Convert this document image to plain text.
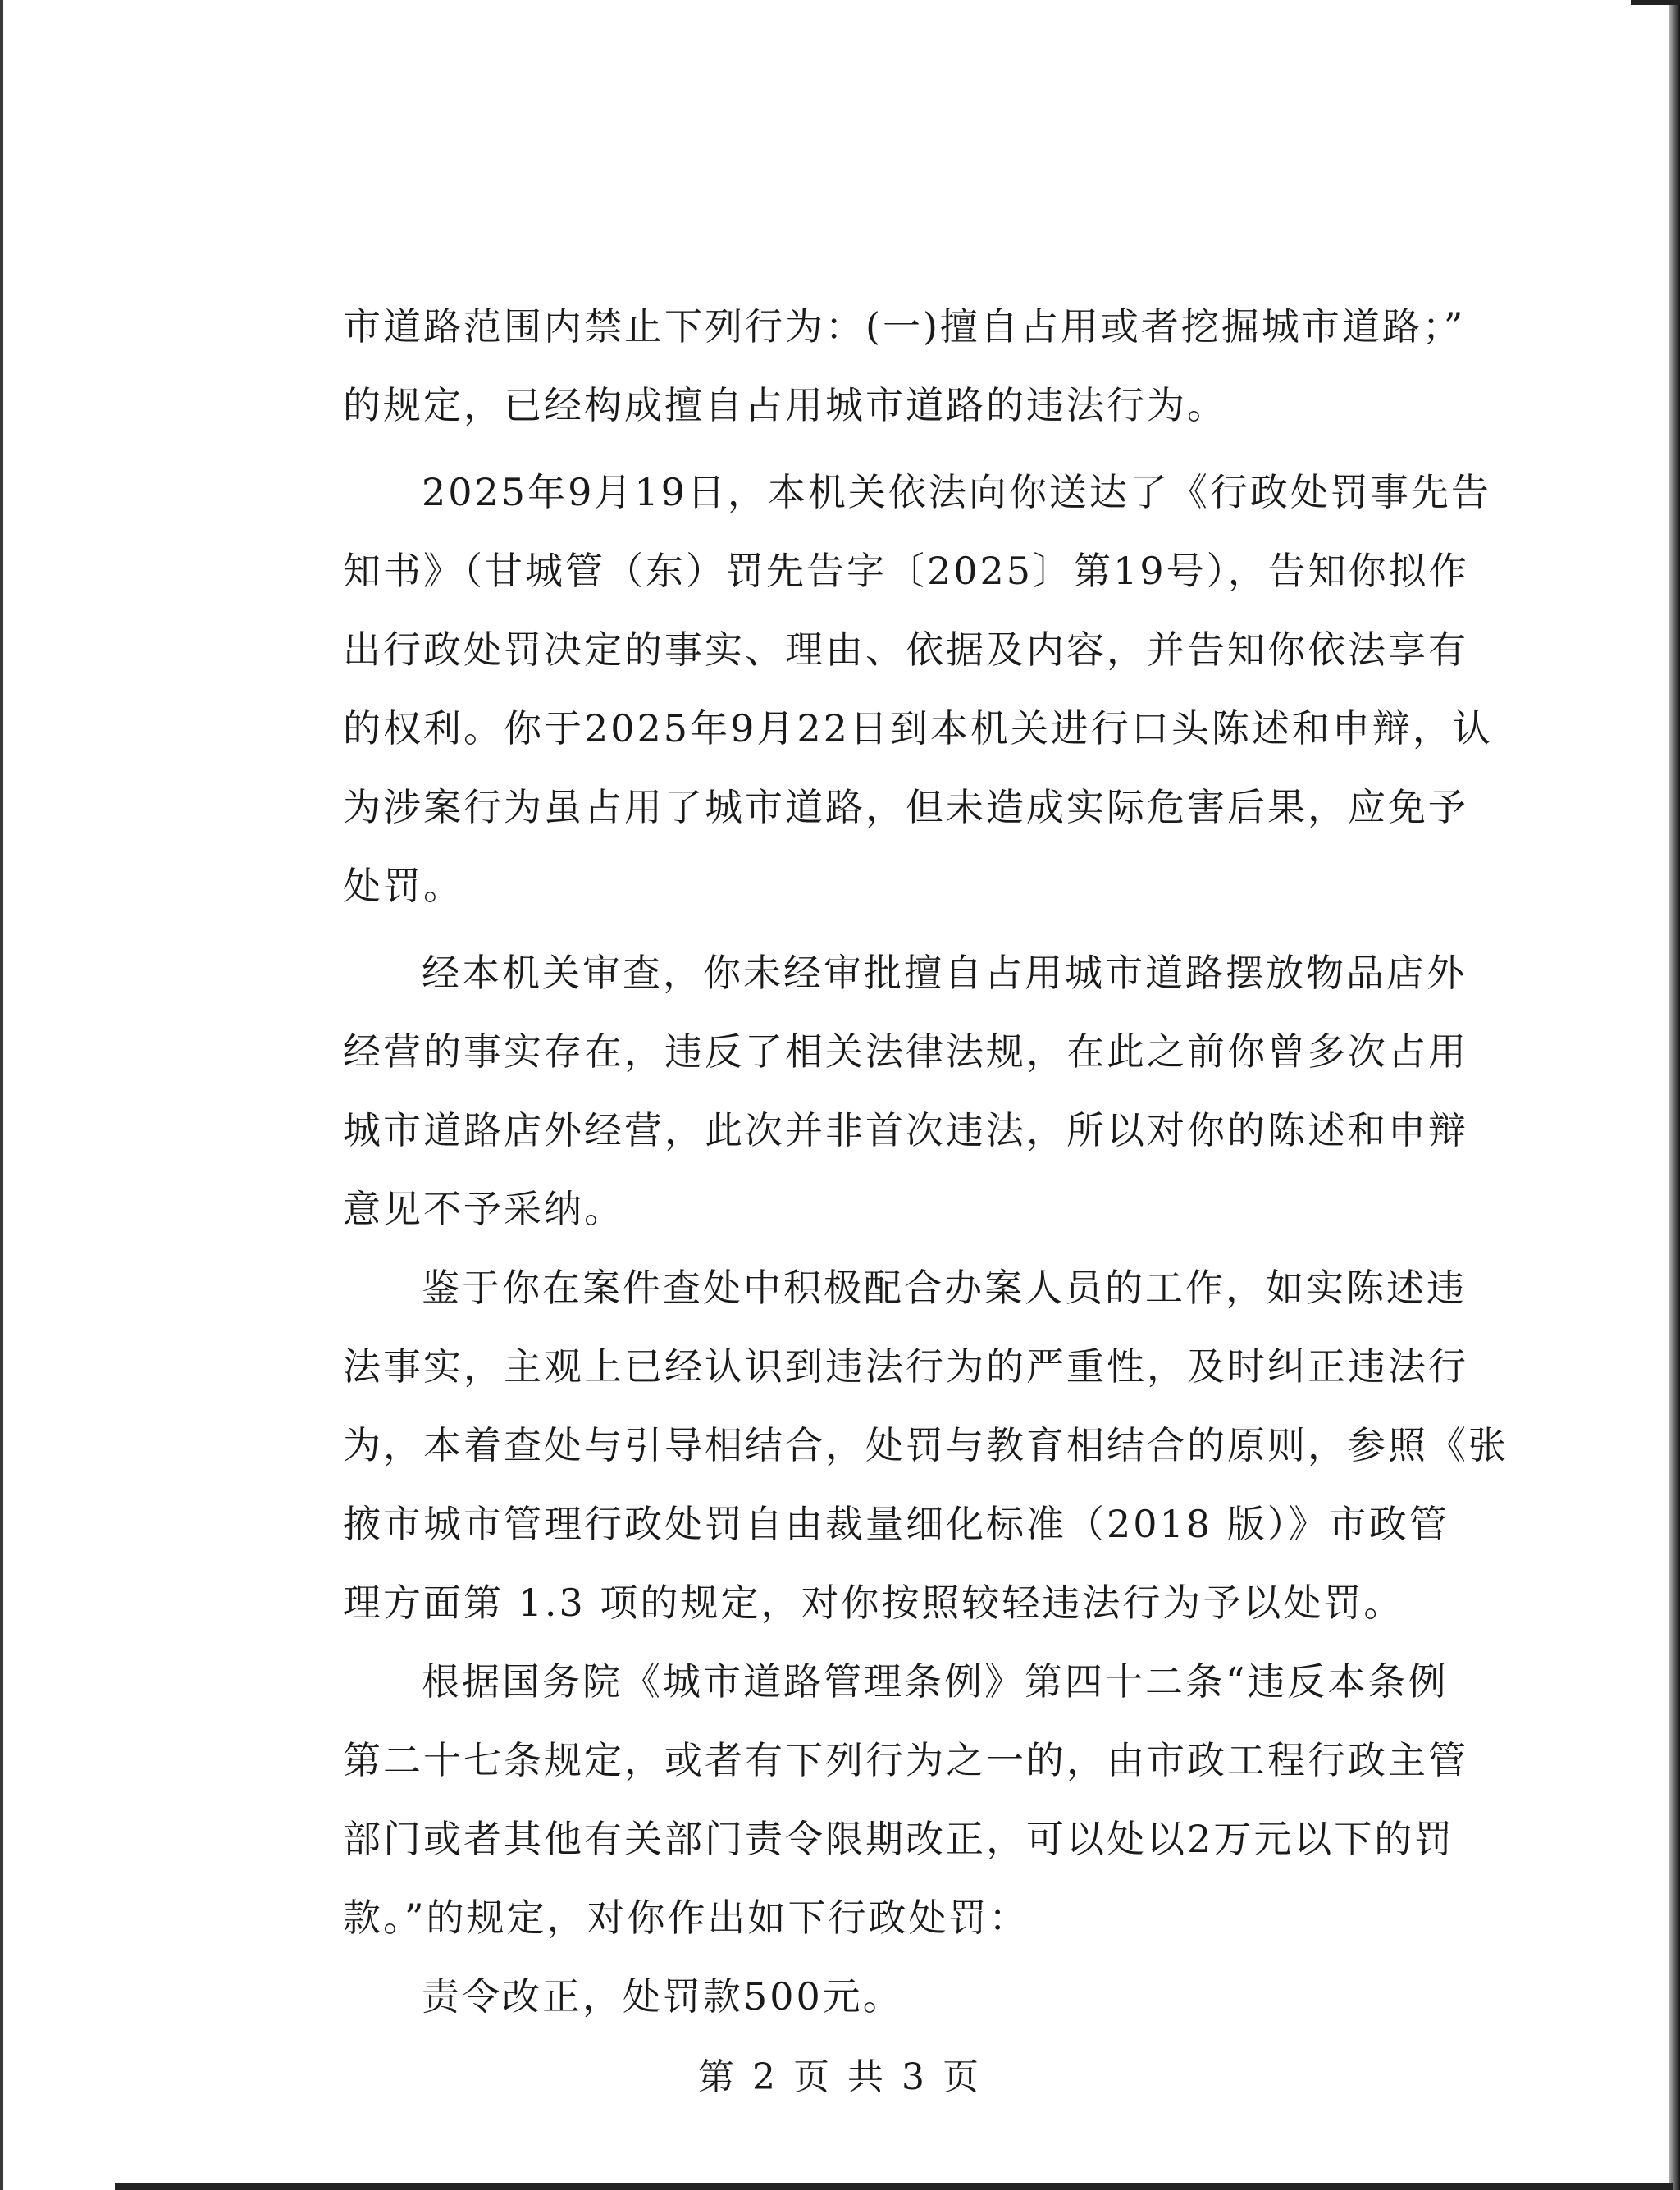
市道路范围内禁止下列行为：(一)擅自占用或者挖掘城市道路；”
的规定，已经构成擅自占用城市道路的违法行为。
2025年9月19日，本机关依法向你送达了《行政处罚事先告
知书》（甘城管（东）罚先告字〔2025〕第19号），告知你拟作
出行政处罚决定的事实、理由、依据及内容，并告知你依法享有
的权利。你于2025年9月22日到本机关进行口头陈述和申辩，认
为涉案行为虽占用了城市道路，但未造成实际危害后果，应免予
处罚。
经本机关审查，你未经审批擅自占用城市道路摆放物品店外
经营的事实存在，违反了相关法律法规，在此之前你曾多次占用
城市道路店外经营，此次并非首次违法，所以对你的陈述和申辩
意见不予采纳。
鉴于你在案件查处中积极配合办案人员的工作，如实陈述违
法事实，主观上已经认识到违法行为的严重性，及时纠正违法行
为，本着查处与引导相结合，处罚与教育相结合的原则，参照《张
掖市城市管理行政处罚自由裁量细化标准（2018 版）》市政管
理方面第 1.3 项的规定，对你按照较轻违法行为予以处罚。
根据国务院《城市道路管理条例》第四十二条“违反本条例
第二十七条规定，或者有下列行为之一的，由市政工程行政主管
部门或者其他有关部门责令限期改正，可以处以2万元以下的罚
款。”的规定，对你作出如下行政处罚：
责令改正，处罚款500元。
第 2 页 共 3 页
